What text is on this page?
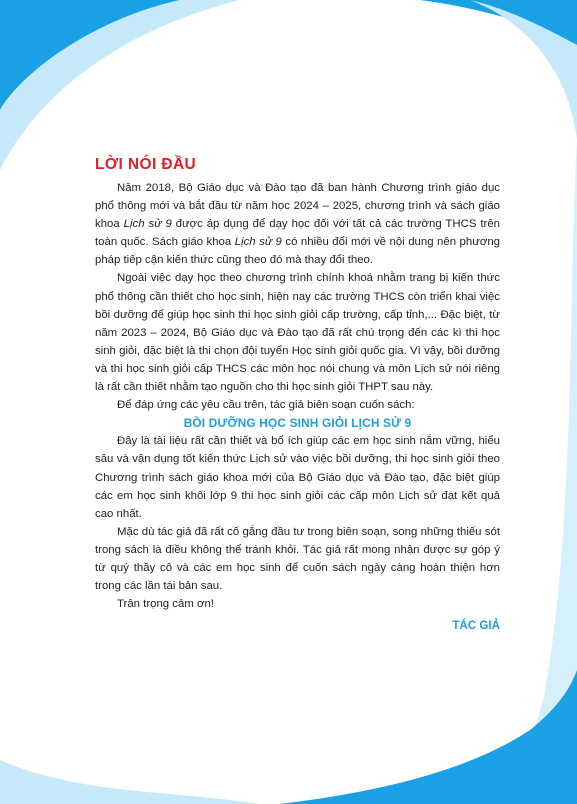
LỜI NÓI ĐẦU

Năm 2018, Bộ Giáo dục và Đào tạo đã ban hành Chương trình giáo dục phổ thông mới và bắt đầu từ năm học 2024 – 2025, chương trình và sách giáo khoa Lịch sử 9 được áp dụng để dạy học đối với tất cả các trường THCS trên toàn quốc. Sách giáo khoa Lịch sử 9 có nhiều đổi mới về nội dung nên phương pháp tiếp cận kiến thức cũng theo đó mà thay đổi theo.

Ngoài việc dạy học theo chương trình chính khoá nhằm trang bị kiến thức phổ thông cần thiết cho học sinh, hiện nay các trường THCS còn triển khai việc bồi dưỡng để giúp học sinh thi học sinh giỏi cấp trường, cấp tỉnh,... Đặc biệt, từ năm 2023 – 2024, Bộ Giáo dục và Đào tạo đã rất chú trọng đến các kì thi học sinh giỏi, đặc biệt là thi chọn đội tuyển Học sinh giỏi quốc gia. Vì vậy, bồi dưỡng và thi học sinh giỏi cấp THCS các môn học nói chung và môn Lịch sử nói riêng là rất cần thiết nhằm tạo nguồn cho thi học sinh giỏi THPT sau này.

Để đáp ứng các yêu cầu trên, tác giả biên soạn cuốn sách:

BỒI DƯỠNG HỌC SINH GIỎI LỊCH SỬ 9

Đây là tài liệu rất cần thiết và bổ ích giúp các em học sinh nắm vững, hiểu sâu và vận dụng tốt kiến thức Lịch sử vào việc bồi dưỡng, thi học sinh giỏi theo Chương trình sách giáo khoa mới của Bộ Giáo dục và Đào tạo, đặc biệt giúp các em học sinh khối lớp 9 thi học sinh giỏi các cấp môn Lịch sử đạt kết quả cao nhất.

Mặc dù tác giả đã rất cố gắng đầu tư trong biên soạn, song những thiếu sót trong sách là điều không thể tránh khỏi. Tác giả rất mong nhận được sự góp ý từ quý thầy cô và các em học sinh để cuốn sách ngày càng hoàn thiện hơn trong các lần tái bản sau.

Trân trọng cảm ơn!

TÁC GIẢ
